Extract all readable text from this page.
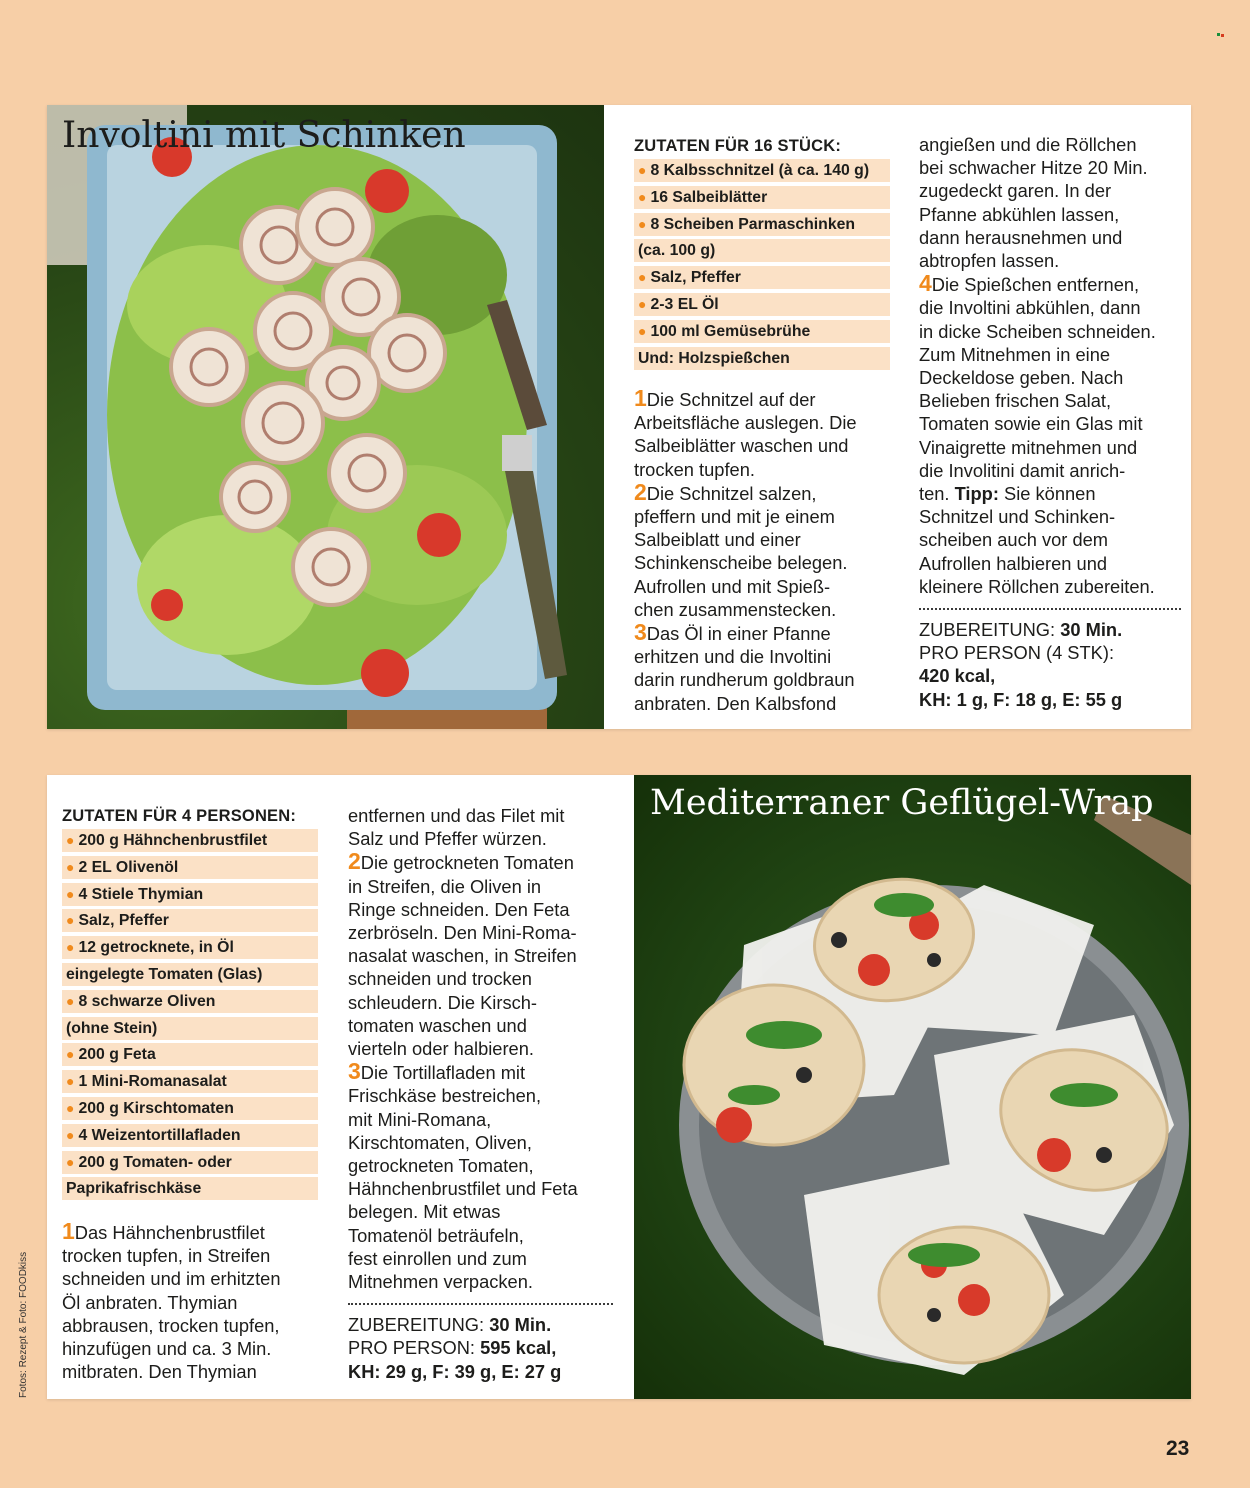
Involtini mit Schinken	ZUTATEN FÜR 16 STÜCK:
● 8 Kalbsschnitzel (à ca. 140 g)
● 16 Salbeiblätter
● 8 Scheiben Parmaschinken
(ca. 100 g)
● Salz, Pfeffer
● 2-3 EL Öl
● 100 ml Gemüsebrühe
Und: Holzspießchen
1Die Schnitzel auf der
Arbeitsfläche auslegen. Die
Salbeiblätter waschen und
trocken tupfen.
2Die Schnitzel salzen,
pfeffern und mit je einem
Salbeiblatt und einer
Schinkenscheibe belegen.
Aufrollen und mit Spieß-
chen zusammenstecken.
3Das Öl in einer Pfanne
erhitzen und die Involtini
darin rundherum goldbraun
anbraten. Den Kalbsfond
angießen und die Röllchen
bei schwacher Hitze 20 Min.
zugedeckt garen. In der
Pfanne abkühlen lassen,
dann herausnehmen und
abtropfen lassen.
4Die Spießchen entfernen,
die Involtini abkühlen, dann
in dicke Scheiben schneiden.
Zum Mitnehmen in eine
Deckeldose geben. Nach
Belieben frischen Salat,
Tomaten sowie ein Glas mit
Vinaigrette mitnehmen und
die Involitini damit anrich-
ten. Tipp: Sie können
Schnitzel und Schinken-
scheiben auch vor dem
Aufrollen halbieren und
kleinere Röllchen zubereiten.
ZUBEREITUNG: 30 Min.
PRO PERSON (4 STK):
420 kcal,
KH: 1 g, F: 18 g, E: 55 g
ZUTATEN FÜR 4 PERSONEN:
● 200 g Hähnchenbrustfilet
● 2 EL Olivenöl
● 4 Stiele Thymian
● Salz, Pfeffer
● 12 getrocknete, in Öl
eingelegte Tomaten (Glas)
● 8 schwarze Oliven
(ohne Stein)
● 200 g Feta
● 1 Mini-Romanasalat
● 200 g Kirschtomaten
● 4 Weizentortillafladen
● 200 g Tomaten- oder
Paprikafrischkäse
1Das Hähnchenbrustfilet
trocken tupfen, in Streifen
schneiden und im erhitzten
Öl anbraten. Thymian
abbrausen, trocken tupfen,
hinzufügen und ca. 3 Min.
mitbraten. Den Thymian
entfernen und das Filet mit
Salz und Pfeffer würzen.
2Die getrockneten Tomaten
in Streifen, die Oliven in
Ringe schneiden. Den Feta
zerbröseln. Den Mini-Roma-
nasalat waschen, in Streifen
schneiden und trocken
schleudern. Die Kirsch-
tomaten waschen und
vierteln oder halbieren.
3Die Tortillafladen mit
Frischkäse bestreichen,
mit Mini-Romana,
Kirschtomaten, Oliven,
getrockneten Tomaten,
Hähnchenbrustfilet und Feta
belegen. Mit etwas
Tomatenöl beträufeln,
fest einrollen und zum
Mitnehmen verpacken.
ZUBEREITUNG: 30 Min.
PRO PERSON: 595 kcal,
KH: 29 g, F: 39 g, E: 27 g
Mediterraner Geflügel-Wrap
Fotos: Rezept & Foto: FOODkiss
23
